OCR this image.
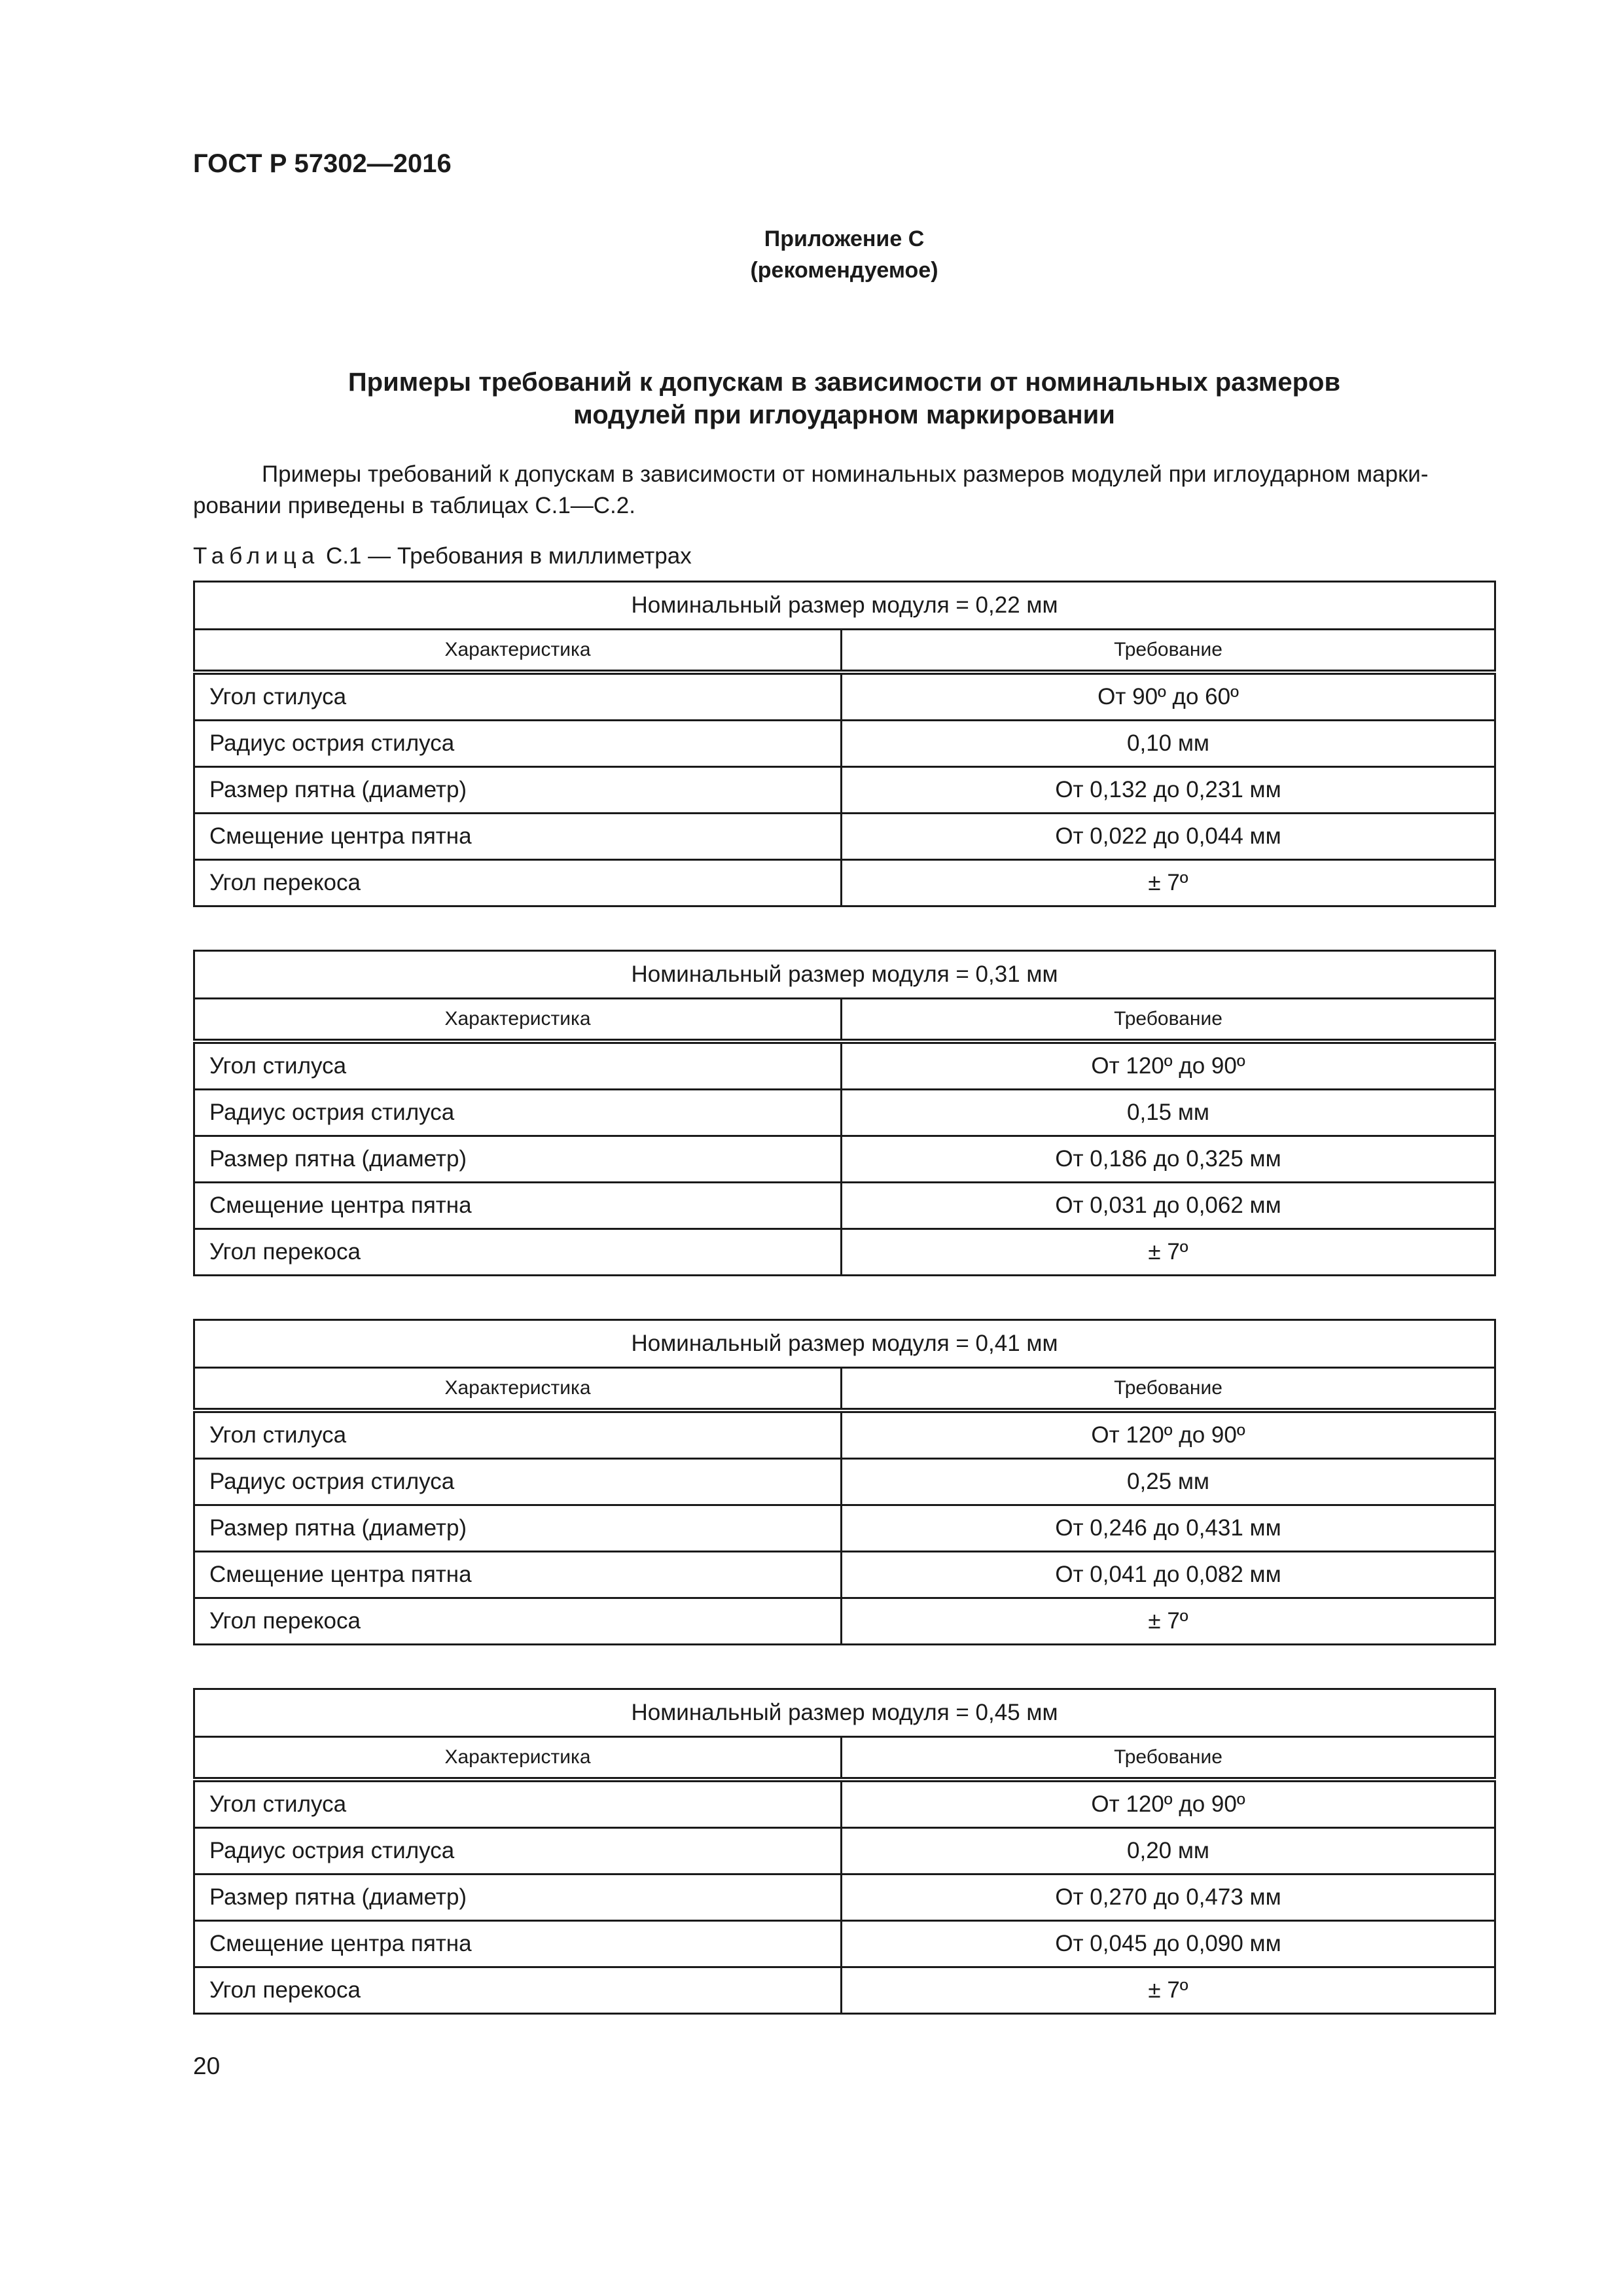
ГОСТ Р 57302—2016
Приложение C
(рекомендуемое)
Примеры требований к допускам в зависимости от номинальных размеров
модулей при иглоударном маркировании
Примеры требований к допускам в зависимости от номинальных размеров модулей при иглоударном марки-
ровании приведены в таблицах С.1—С.2.
Таблица С.1 — Требования в миллиметрах
Номинальный размер модуля = 0,22 мм	
Характеристика	Требование
Угол стилуса	От 90º до 60º
Радиус острия стилуса	0,10 мм
Размер пятна (диаметр)	От 0,132 до 0,231 мм
Смещение центра пятна	От 0,022 до 0,044 мм
Угол перекоса	± 7º
Номинальный размер модуля = 0,31 мм	
Характеристика	Требование
Угол стилуса	От 120º до 90º
Радиус острия стилуса	0,15 мм
Размер пятна (диаметр)	От 0,186 до 0,325 мм
Смещение центра пятна	От 0,031 до 0,062 мм
Угол перекоса	± 7º
Номинальный размер модуля = 0,41 мм	
Характеристика	Требование
Угол стилуса	От 120º до 90º
Радиус острия стилуса	0,25 мм
Размер пятна (диаметр)	От 0,246 до 0,431 мм
Смещение центра пятна	От 0,041 до 0,082 мм
Угол перекоса	± 7º
Номинальный размер модуля = 0,45 мм	
Характеристика	Требование
Угол стилуса	От 120º до 90º
Радиус острия стилуса	0,20 мм
Размер пятна (диаметр)	От 0,270 до 0,473 мм
Смещение центра пятна	От 0,045 до 0,090 мм
Угол перекоса	± 7º
20
